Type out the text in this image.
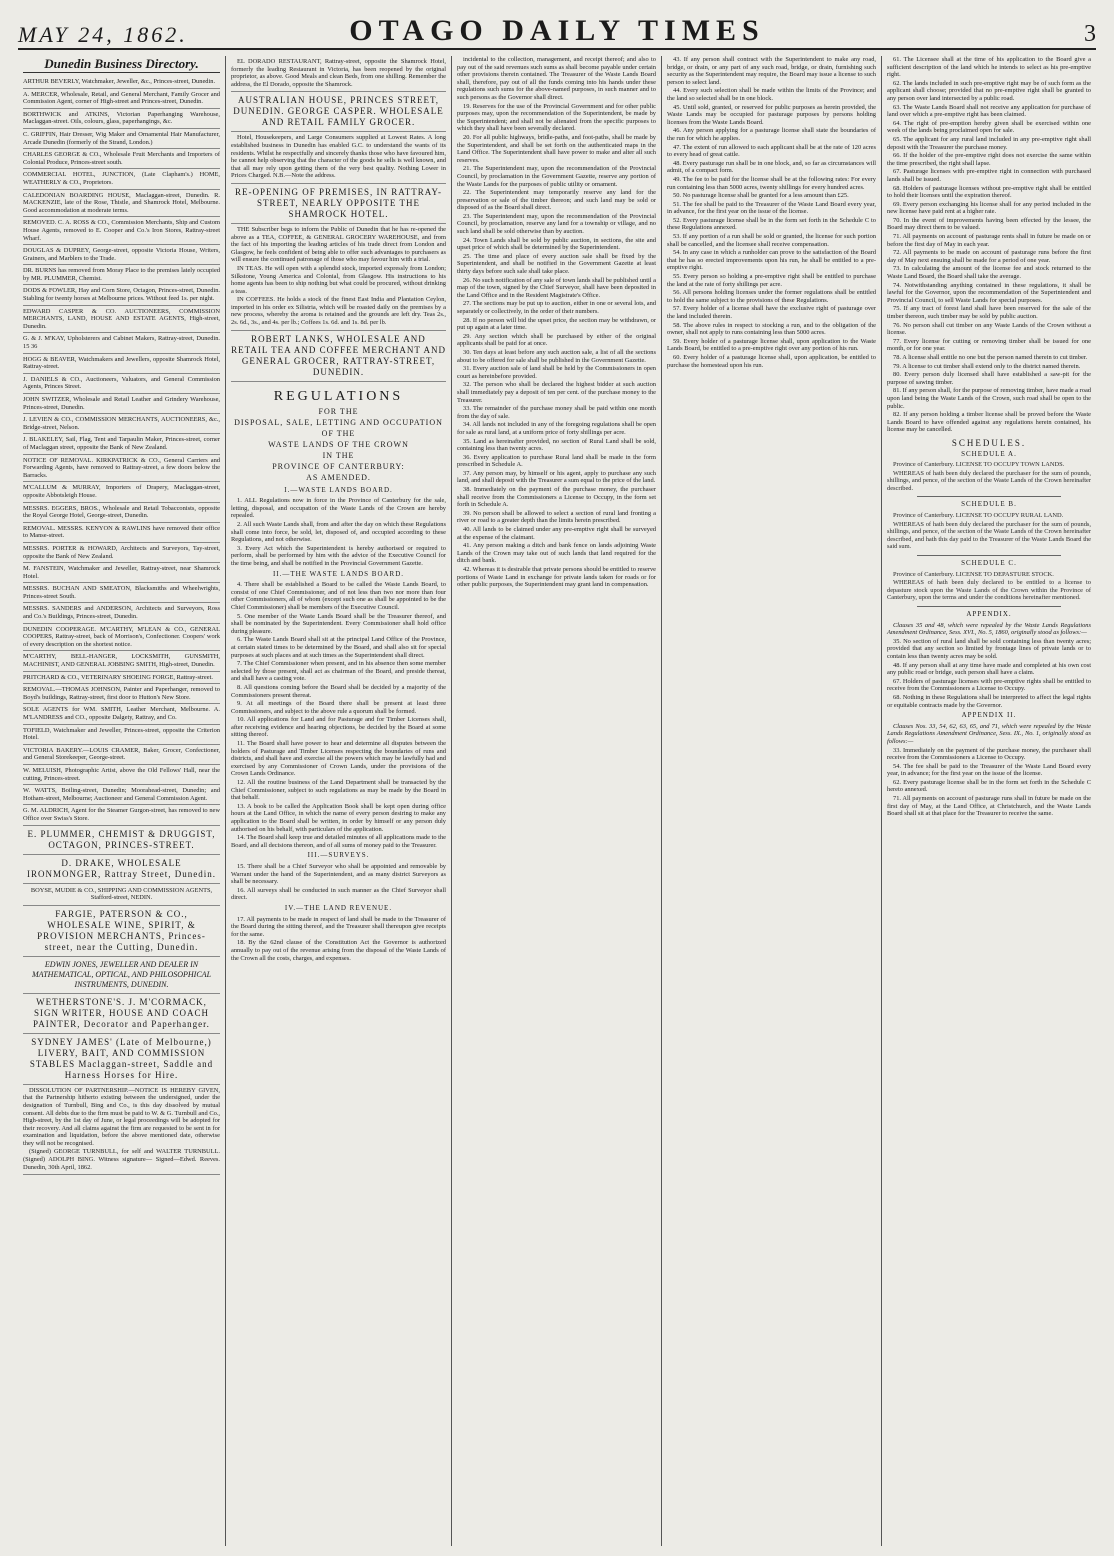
MAY 24, 1862.	OTAGO DAILY TIMES	3
Dunedin Business Directory.
ARTHUR BEVERLY, Watchmaker, Jeweller, &c., Princes-street, Dunedin.
A. MERCER, Wholesale, Retail, and General Merchant, Family Grocer and Commission Agent, corner of High-street and Princes-street, Dunedin.
BORTHWICK and ATKINS, Victorian Paperhanging Warehouse, Maclaggan-street. Oils, colours, glass, paperhangings, &c.
C. GRIFFIN, Hair Dresser, Wig Maker and Ornamental Hair Manufacturer, Arcade Dunedin (formerly of the Strand, London.)
CHARLES GEORGE & CO., Wholesale Fruit Merchants and Importers of Colonial Produce, Princes-street south.
COMMERCIAL HOTEL, JUNCTION, (Late Clapham's.) HOME, WEATHERLY & CO., Proprietors.
CALEDONIAN BOARDING HOUSE, Maclaggan-street, Dunedin. R. MACKENZIE, late of the Rose, Thistle, and Shamrock Hotel, Melbourne. Good accommodation at moderate terms.
REMOVED. C. A. ROSS & CO., Commission Merchants, Ship and Custom House Agents, removed to E. Cooper and Co.'s Iron Stores, Rattray-street Wharf.
DOUGLAS & DUPREY, George-street, opposite Victoria House, Writers, Grainers, and Marblers to the Trade.
DR. BURNS has removed from Moray Place to the premises lately occupied by MR. PLUMMER, Chemist.
DODS & FOWLER, Hay and Corn Store, Octagon, Princes-street, Dunedin. Stabling for twenty horses at Melbourne prices. Without feed 1s. per night.
EDWARD CASPER & CO. AUCTIONEERS, COMMISSION MERCHANTS, LAND, HOUSE AND ESTATE AGENTS, High-street, Dunedin.
G. & J. M'KAY, Upholsterers and Cabinet Makers, Rattray-street, Dunedin. 15 36
HOGG & BEAVER, Watchmakers and Jewellers, opposite Shamrock Hotel, Rattray-street.
J. DANIELS & CO., Auctioneers, Valuators, and General Commission Agents, Princes Street.
JOHN SWITZER, Wholesale and Retail Leather and Grindery Warehouse, Princes-street, Dunedin.
J. LEVIEN & CO., COMMISSION MERCHANTS, AUCTIONEERS, &c., Bridge-street, Nelson.
J. BLAKELEY, Sail, Flag, Tent and Tarpaulin Maker, Princes-street, corner of Maclaggan street, opposite the Bank of New Zealand.
NOTICE OF REMOVAL. KIRKPATRICK & CO., General Carriers and Forwarding Agents, have removed to Rattray-street, a few doors below the Barracks.
M'CALLUM & MURRAY, Importers of Drapery, Maclaggan-street, opposite Abbotsleigh House.
MESSRS. EGGERS, BROS., Wholesale and Retail Tobacconists, opposite the Royal George Hotel, George-street, Dunedin.
REMOVAL. MESSRS. KENYON & RAWLINS have removed their office to Manse-street.
MESSRS. PORTER & HOWARD, Architects and Surveyors, Tay-street, opposite the Bank of New Zealand.
M. FANSTEIN, Watchmaker and Jeweller, Rattray-street, near Shamrock Hotel.
MESSRS. BUCHAN AND SMEATON, Blacksmiths and Wheelwrights, Princes-street South.
MESSRS. SANDERS and ANDERSON, Architects and Surveyors, Ross and Co.'s Buildings, Princes-street, Dunedin.
DUNEDIN COOPERAGE. M'CARTHY, M'LEAN & CO., GENERAL COOPERS, Rattray-street, back of Morrison's, Confectioner. Coopers' work of every description on the shortest notice.
M'CARTHY, BELL-HANGER, LOCKSMITH, GUNSMITH, MACHINIST, AND GENERAL JOBBING SMITH, High-street, Dunedin.
PRITCHARD & CO., VETERINARY SHOEING FORGE, Rattray-street.
REMOVAL.—THOMAS JOHNSON, Painter and Paperhanger, removed to Boyd's buildings, Rattray-street, first door to Hutton's New Store.
SOLE AGENTS for WM. SMITH, Leather Merchant, Melbourne. A. M'LANDRESS and CO., opposite Dalgety, Rattray, and Co.
TOFIELD, Watchmaker and Jeweller, Princes-street, opposite the Criterion Hotel.
VICTORIA BAKERY.—LOUIS CRAMER, Baker, Grocer, Confectioner, and General Storekeeper, George-street.
W. MELUISH, Photographic Artist, above the Old Fellows' Hall, near the cutting, Princes-street.
W. WATTS, Boiling-street, Dunedin; Moorahead-street, Dunedin; and Hotham-street, Melbourne; Auctioneer and General Commission Agent.
G. M. ALDRICH, Agent for the Steamer Gurgon-street, has removed to new Office over Swiss's Store.
E. PLUMMER, CHEMIST & DRUGGIST, OCTAGON, PRINCES-STREET.
D. DRAKE, WHOLESALE IRONMONGER, Rattray Street, Dunedin.
BOYSE, MUDIE & CO., SHIPPING AND COMMISSION AGENTS, Stafford-street, NEDIN.
FARGIE, PATERSON & CO., WHOLESALE WINE, SPIRIT, & PROVISION MERCHANTS, Princes-street, near the Cutting, Dunedin.
EDWIN JONES, JEWELLER AND DEALER IN MATHEMATICAL, OPTICAL, AND PHILOSOPHICAL INSTRUMENTS, DUNEDIN.
WETHERSTONE'S. J. M'CORMACK, SIGN WRITER, HOUSE AND COACH PAINTER, Decorator and Paperhanger.
SYDNEY JAMES' (Late of Melbourne,) LIVERY, BAIT, AND COMMISSION STABLES Maclaggan-street, Saddle and Harness Horses for Hire.

DISSOLUTION OF PARTNERSHIP.—NOTICE IS HEREBY GIVEN, that the Partnership hitherto existing between the undersigned, under the designation of Turnbull, Bing and Co., is this day dissolved by mutual consent. All debts due to the firm must be paid to W. & G. Turnbull and Co., High-street, by the 1st day of June, or legal proceedings will be adopted for their recovery. And all claims against the firm are requested to be sent in for examination and liquidation, before the above mentioned date, otherwise they will not be recognised.

(Signed) GEORGE TURNBULL, for self and WALTER TURNBULL. (Signed) ADOLPH BING. Witness signature— Signed—Edwd. Reeves. Dunedin, 30th April, 1862.

EL DORADO RESTAURANT, Rattray-street, opposite the Shamrock Hotel, formerly the leading Restaurant in Victoria, has been reopened by the original proprietor, as above. Good Meals and clean Beds, from one shilling. Remember the address, the El Dorado, opposite the Shamrock.

AUSTRALIAN HOUSE, PRINCES STREET, DUNEDIN. GEORGE CASPER. WHOLESALE AND RETAIL FAMILY GROCER.

Hotel, Housekeepers, and Large Consumers supplied at Lowest Rates. A long established business in Dunedin has enabled G.C. to understand the wants of its residents. Whilst he respectfully and sincerely thanks those who have favoured him, he cannot help observing that the character of the goods he sells is well known, and that all may rely upon getting them of the very best quality. Nothing Lower in Prices Charged. N.B.—Note the address.

RE-OPENING OF PREMISES, IN RATTRAY-STREET, NEARLY OPPOSITE THE SHAMROCK HOTEL.

THE Subscriber begs to inform the Public of Dunedin that he has re-opened the above as a TEA, COFFEE, & GENERAL GROCERY WAREHOUSE, and from the fact of his importing the leading articles of his trade direct from London and Glasgow, he feels confident of being able to offer such advantages to purchasers as will ensure the continued patronage of those who may favour him with a trial.

IN TEAS. He will open with a splendid stock, imported expressly from London; Silkstone, Young America and Colonial, from Glasgow. His instructions to his home agents has been to ship nothing but what could be procured, without drinking a teas.

IN COFFEES. He holds a stock of the finest East India and Plantation Ceylon, imported in his order ex Silistria, which will be roasted daily on the premises by a new process, whereby the aroma is retained and the grounds are left dry. Teas 2s., 2s. 6d., 3s., and 4s. per lb.; Coffees 1s. 6d. and 1s. 8d. per lb.

ROBERT LANKS, WHOLESALE AND RETAIL TEA AND COFFEE MERCHANT AND GENERAL GROCER, RATTRAY-STREET, DUNEDIN.
REGULATIONS
FOR THE
DISPOSAL, SALE, LETTING AND OCCUPATION
OF THE
WASTE LANDS OF THE CROWN
IN THE
PROVINCE OF CANTERBURY:
AS AMENDED.
I.—WASTE LANDS BOARD.

1. ALL Regulations now in force in the Province of Canterbury for the sale, letting, disposal, and occupation of the Waste Lands of the Crown are hereby repealed.

2. All such Waste Lands shall, from and after the day on which these Regulations shall come into force, be sold, let, disposed of, and occupied according to these Regulations, and not otherwise.

3. Every Act which the Superintendent is hereby authorised or required to perform, shall be performed by him with the advice of the Executive Council for the time being, and shall be notified in the Provincial Government Gazette.

II.—THE WASTE LANDS BOARD.

4. There shall be established a Board to be called the Waste Lands Board, to consist of one Chief Commissioner, and of not less than two nor more than four other Commissioners, all of whom (except such one as shall be appointed to be the Chief Commissioner) shall be members of the Executive Council.

5. One member of the Waste Lands Board shall be the Treasurer thereof, and shall be nominated by the Superintendent. Every Commissioner shall hold office during pleasure.

6. The Waste Lands Board shall sit at the principal Land Office of the Province, at certain stated times to be determined by the Board, and shall also sit for special purposes at such places and at such times as the Superintendent shall direct.

7. The Chief Commissioner when present, and in his absence then some member selected by those present, shall act as chairman of the Board, and preside thereat, and shall have a casting vote.

8. All questions coming before the Board shall be decided by a majority of the Commissioners present thereat.

9. At all meetings of the Board there shall be present at least three Commissioners, and subject to the above rule a quorum shall be formed.

10. All applications for Land and for Pasturage and for Timber Licenses shall, after receiving evidence and hearing objections, be decided by the Board at some sitting thereof.

11. The Board shall have power to hear and determine all disputes between the holders of Pasturage and Timber Licenses respecting the boundaries of runs and districts, and shall have and exercise all the powers which may be lawfully had and exercised by any Commissioner of Crown Lands, under the provisions of the Crown Lands Ordinance.

12. All the routine business of the Land Department shall be transacted by the Chief Commissioner, subject to such regulations as may be made by the Board in that behalf.

13. A book to be called the Application Book shall be kept open during office hours at the Land Office, in which the name of every person desiring to make any application to the Board shall be written, in order by himself or any person duly authorised on his behalf, with particulars of the application.

14. The Board shall keep true and detailed minutes of all applications made to the Board, and all decisions thereon, and of all sums of money paid to the Treasurer.

III.—SURVEYS.

15. There shall be a Chief Surveyor who shall be appointed and removable by Warrant under the hand of the Superintendent, and as many district Surveyors as shall be necessary.

16. All surveys shall be conducted in such manner as the Chief Surveyor shall direct.

IV.—THE LAND REVENUE.

17. All payments to be made in respect of land shall be made to the Treasurer of the Board during the sitting thereof, and the Treasurer shall thereupon give receipts for the same.

18. By the 62nd clause of the Constitution Act the Governor is authorized annually to pay out of the revenue arising from the disposal of the Waste Lands of the Crown all the costs, charges, and expenses.

incidental to the collection, management, and receipt thereof; and also to pay out of the said revenues such sums as shall become payable under certain other provisions therein contained. The Treasurer of the Waste Lands Board shall, therefore, pay out of all the funds coming into his hands under these regulations such sums for the above-named purposes, in such manner and to such persons as the Governor shall direct.

19. Reserves for the use of the Provincial Government and for other public purposes may, upon the recommendation of the Superintendent, be made by the Superintendent; and shall not be alienated from the specific purposes to which they shall have been severally declared.

20. For all public highways, bridle-paths, and foot-paths, shall be made by the Superintendent, and shall be set forth on the authenticated maps in the Land Office. The Superintendent shall have power to make and alter all such reserves.

21. The Superintendent may, upon the recommendation of the Provincial Council, by proclamation in the Government Gazette, reserve any portion of the Waste Lands for the purposes of public utility or ornament.

22. The Superintendent may temporarily reserve any land for the preservation or sale of the timber thereon; and such land may be sold or disposed of as the Board shall direct.

23. The Superintendent may, upon the recommendation of the Provincial Council, by proclamation, reserve any land for a township or village, and no such land shall be sold otherwise than by auction.

24. Town Lands shall be sold by public auction, in sections, the site and upset price of which shall be determined by the Superintendent.

25. The time and place of every auction sale shall be fixed by the Superintendent, and shall be notified in the Government Gazette at least thirty days before such sale shall take place.

26. No such notification of any sale of town lands shall be published until a map of the town, signed by the Chief Surveyor, shall have been deposited in the Land Office and in the Resident Magistrate's Office.

27. The sections may be put up to auction, either in one or several lots, and separately or collectively, in the order of their numbers.

28. If no person will bid the upset price, the section may be withdrawn, or put up again at a later time.

29. Any section which shall be purchased by either of the original applicants shall be paid for at once.

30. Ten days at least before any such auction sale, a list of all the sections about to be offered for sale shall be published in the Government Gazette.

31. Every auction sale of land shall be held by the Commissioners in open court as hereinbefore provided.

32. The person who shall be declared the highest bidder at such auction shall immediately pay a deposit of ten per cent. of the purchase money to the Treasurer.

33. The remainder of the purchase money shall be paid within one month from the day of sale.

34. All lands not included in any of the foregoing regulations shall be open for sale as rural land, at a uniform price of forty shillings per acre.

35. Land as hereinafter provided, no section of Rural Land shall be sold, containing less than twenty acres.

36. Every application to purchase Rural land shall be made in the form prescribed in Schedule A.

37. Any person may, by himself or his agent, apply to purchase any such land, and shall deposit with the Treasurer a sum equal to the price of the land.

38. Immediately on the payment of the purchase money, the purchaser shall receive from the Commissioners a License to Occupy, in the form set forth in Schedule A.

39. No person shall be allowed to select a section of rural land fronting a river or road to a greater depth than the limits herein prescribed.

40. All lands to be claimed under any pre-emptive right shall be surveyed at the expense of the claimant.

41. Any person making a ditch and bank fence on lands adjoining Waste Lands of the Crown may take out of such lands that land required for the ditch and bank.

42. Whereas it is desirable that private persons should be entitled to reserve portions of Waste Land in exchange for private lands taken for roads or for other public purposes, the Superintendent may grant land in compensation.

43. If any person shall contract with the Superintendent to make any road, bridge, or drain, or any part of any such road, bridge, or drain, furnishing such security as the Superintendent may require, the Board may issue a license to such person to select land.

44. Every such selection shall be made within the limits of the Province; and the land so selected shall be in one block.

45. Until sold, granted, or reserved for public purposes as herein provided, the Waste Lands may be occupied for pasturage purposes by persons holding licenses from the Waste Lands Board.

46. Any person applying for a pasturage license shall state the boundaries of the run for which he applies.

47. The extent of run allowed to each applicant shall be at the rate of 120 acres to every head of great cattle.

48. Every pasturage run shall be in one block, and, so far as circumstances will admit, of a compact form.

49. The fee to be paid for the license shall be at the following rates: For every run containing less than 5000 acres, twenty shillings for every hundred acres.

50. No pasturage license shall be granted for a less amount than £25.

51. The fee shall be paid to the Treasurer of the Waste Land Board every year, in advance, for the first year on the issue of the license.

52. Every pasturage license shall be in the form set forth in the Schedule C to these Regulations annexed.

53. If any portion of a run shall be sold or granted, the license for such portion shall be cancelled, and the licensee shall receive compensation.

54. In any case in which a runholder can prove to the satisfaction of the Board that he has so erected improvements upon his run, he shall be entitled to a pre-emptive right.

55. Every person so holding a pre-emptive right shall be entitled to purchase the land at the rate of forty shillings per acre.

56. All persons holding licenses under the former regulations shall be entitled to hold the same subject to the provisions of these Regulations.

57. Every holder of a license shall have the exclusive right of pasturage over the land included therein.

58. The above rules in respect to stocking a run, and to the obligation of the owner, shall not apply to runs containing less than 5000 acres.

59. Every holder of a pasturage license shall, upon application to the Waste Lands Board, be entitled to a pre-emptive right over any portion of his run.

60. Every holder of a pasturage license shall, upon application, be entitled to purchase the homestead upon his run.

61. The Licensee shall at the time of his application to the Board give a sufficient description of the land which he intends to select as his pre-emptive right.

62. The lands included in such pre-emptive right may be of such form as the applicant shall choose; provided that no pre-emptive right shall be granted to any person over land intersected by a public road.

63. The Waste Lands Board shall not receive any application for purchase of land over which a pre-emptive right has been claimed.

64. The right of pre-emption hereby given shall be exercised within one week of the lands being proclaimed open for sale.

65. The applicant for any rural land included in any pre-emptive right shall deposit with the Treasurer the purchase money.

66. If the holder of the pre-emptive right does not exercise the same within the time prescribed, the right shall lapse.

67. Pasturage licenses with pre-emptive right in connection with purchased lands shall be issued.

68. Holders of pasturage licenses without pre-emptive right shall be entitled to hold their licenses until the expiration thereof.

69. Every person exchanging his license shall for any period included in the new license have paid rent at a higher rate.

70. In the event of improvements having been effected by the lessee, the Board may direct them to be valued.

71. All payments on account of pasturage rents shall in future be made on or before the first day of May in each year.

72. All payments to be made on account of pasturage runs before the first day of May next ensuing shall be made for a period of one year.

73. In calculating the amount of the license fee and stock returned to the Waste Land Board, the Board shall take the average.

74. Notwithstanding anything contained in these regulations, it shall be lawful for the Governor, upon the recommendation of the Superintendent and Provincial Council, to sell Waste Lands for special purposes.

75. If any tract of forest land shall have been reserved for the sale of the timber thereon, such timber may be sold by public auction.

76. No person shall cut timber on any Waste Lands of the Crown without a license.

77. Every license for cutting or removing timber shall be issued for one month, or for one year.

78. A license shall entitle no one but the person named therein to cut timber.

79. A license to cut timber shall extend only to the district named therein.

80. Every person duly licensed shall have established a saw-pit for the purpose of sawing timber.

81. If any person shall, for the purpose of removing timber, have made a road upon land being the Waste Lands of the Crown, such road shall be open to the public.

82. If any person holding a timber license shall be proved before the Waste Lands Board to have offended against any regulations herein contained, his license may be cancelled.

SCHEDULES.
SCHEDULE A.

Province of Canterbury. LICENSE TO OCCUPY TOWN LANDS.

WHEREAS of hath been duly declared the purchaser for the sum of pounds, shillings, and pence, of the section of the Waste Lands of the Crown hereinafter described.

SCHEDULE B.

Province of Canterbury. LICENSE TO OCCUPY RURAL LAND.

WHEREAS of hath been duly declared the purchaser for the sum of pounds, shillings, and pence, of the section of the Waste Lands of the Crown hereinafter described, and hath this day paid to the Treasurer of the Waste Lands Board the said sum.

SCHEDULE C.

Province of Canterbury. LICENSE TO DEPASTURE STOCK.

WHEREAS of hath been duly declared to be entitled to a license to depasture stock upon the Waste Lands of the Crown within the Province of Canterbury, upon the terms and under the conditions hereinafter mentioned.

APPENDIX.

Clauses 35 and 48, which were repealed by the Waste Lands Regulations Amendment Ordinance, Sess. XVI., No. 5, 1860, originally stood as follows:—

35. No section of rural land shall be sold containing less than twenty acres; provided that any section so limited by frontage lines of private lands or to contain less than twenty acres may be sold.

48. If any person shall at any time have made and completed at his own cost any public road or bridge, such person shall have a claim.

67. Holders of pasturage licenses with pre-emptive rights shall be entitled to receive from the Commissioners a License to Occupy.

68. Nothing in these Regulations shall be interpreted to affect the legal rights or equitable contracts made by the Governor.

APPENDIX II.

Clauses Nos. 33, 54, 62, 63, 65, and 71, which were repealed by the Waste Lands Regulations Amendment Ordinance, Sess. IX., No. 1, originally stood as follows:—

33. Immediately on the payment of the purchase money, the purchaser shall receive from the Commissioners a License to Occupy.

54. The fee shall be paid to the Treasurer of the Waste Land Board every year, in advance; for the first year on the issue of the license.

62. Every pasturage license shall be in the form set forth in the Schedule C hereto annexed.

71. All payments on account of pasturage runs shall in future be made on the first day of May, at the Land Office, at Christchurch, and the Waste Lands Board shall sit at that place for the Treasurer to receive the same.
